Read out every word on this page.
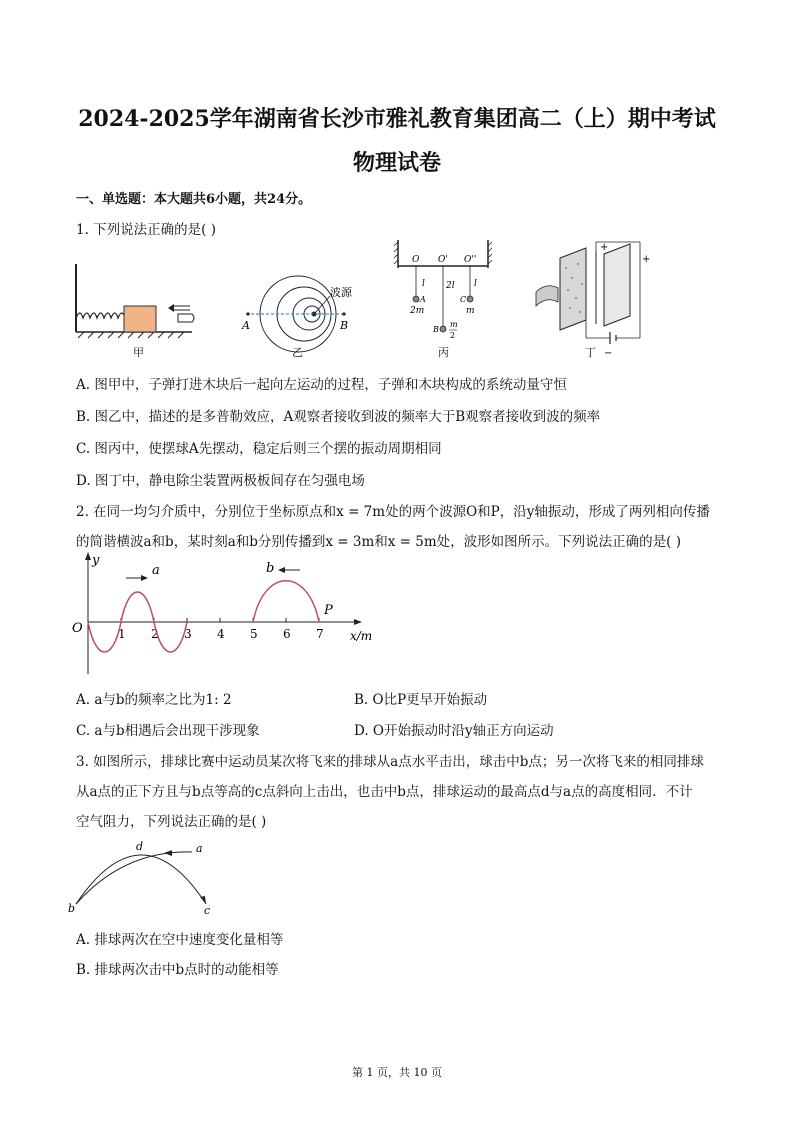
2024-2025学年湖南省长沙市雅礼教育集团高二（上）期中考试
物理试卷
一、单选题：本大题共6小题，共24分。
1. 下列说法正确的是( )
波源
A	B
O O' O''
l 2l l
A
2m
C
m
B
m
2
+
+
−
甲	乙	丙	丁
A. 图甲中，子弹打进木块后一起向左运动的过程，子弹和木块构成的系统动量守恒
B. 图乙中，描述的是多普勒效应，A观察者接收到波的频率大于B观察者接收到波的频率
C. 图丙中，使摆球A先摆动，稳定后则三个摆的振动周期相同
D. 图丁中，静电除尘装置两极板间存在匀强电场
2. 在同一均匀介质中，分别位于坐标原点和x = 7m处的两个波源O和P，沿y轴振动，形成了两列相向传播
的简谐横波a和b，某时刻a和b分别传播到x = 3m和x = 5m处，波形如图所示。下列说法正确的是( )
y
O	x/m
1 2 3 4 5 6 7
a	b
P
A. a与b的频率之比为1: 2	B. O比P更早开始振动
C. a与b相遇后会出现干涉现象	D. O开始振动时沿y轴正方向运动
3. 如图所示，排球比赛中运动员某次将飞来的排球从a点水平击出，球击中b点；另一次将飞来的相同排球
从a点的正下方且与b点等高的c点斜向上击出，也击中b点，排球运动的最高点d与a点的高度相同．不计
空气阻力，下列说法正确的是( )
a
b	c
d
A. 排球两次在空中速度变化量相等
B. 排球两次击中b点时的动能相等
第 1 页，共 10 页
